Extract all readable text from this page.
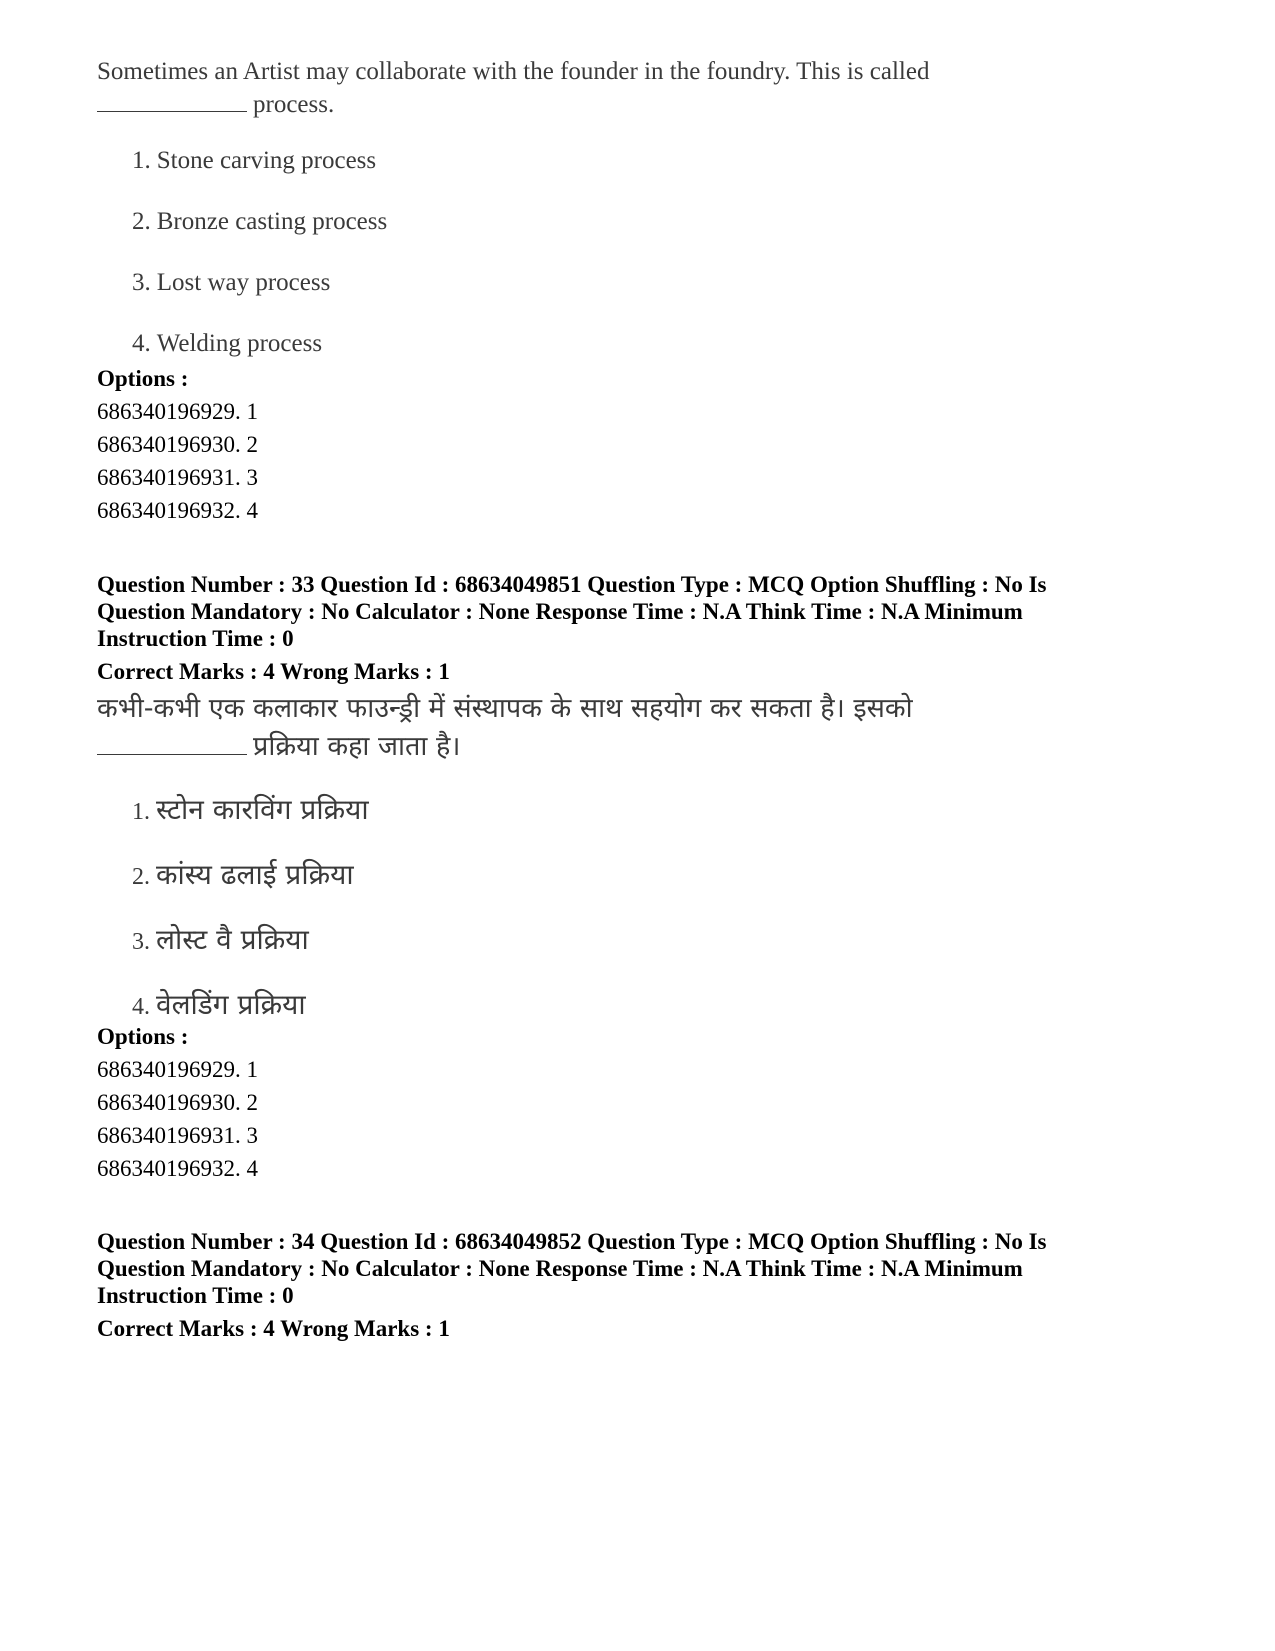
Sometimes an Artist may collaborate with the founder in the foundry. This is called

process.

1. Stone carving process
2. Bronze casting process
3. Lost way process
4. Welding process
Options :
686340196929. 1
686340196930. 2
686340196931. 3
686340196932. 4
Question Number : 33 Question Id : 68634049851 Question Type : MCQ Option Shuffling : No Is
Question Mandatory : No Calculator : None Response Time : N.A Think Time : N.A Minimum
Instruction Time : 0
Correct Marks : 4 Wrong Marks : 1

कभी-कभी एक कलाकार फाउन्ड्री में संस्थापक के साथ सहयोग कर सकता है। इसको

प्रक्रिया कहा जाता है।

1. स्टोन कारविंग प्रक्रिया
2. कांस्य ढलाई प्रक्रिया
3. लोस्ट वै प्रक्रिया
4. वेलडिंग प्रक्रिया
Options :
686340196929. 1
686340196930. 2
686340196931. 3
686340196932. 4
Question Number : 34 Question Id : 68634049852 Question Type : MCQ Option Shuffling : No Is
Question Mandatory : No Calculator : None Response Time : N.A Think Time : N.A Minimum
Instruction Time : 0
Correct Marks : 4 Wrong Marks : 1
